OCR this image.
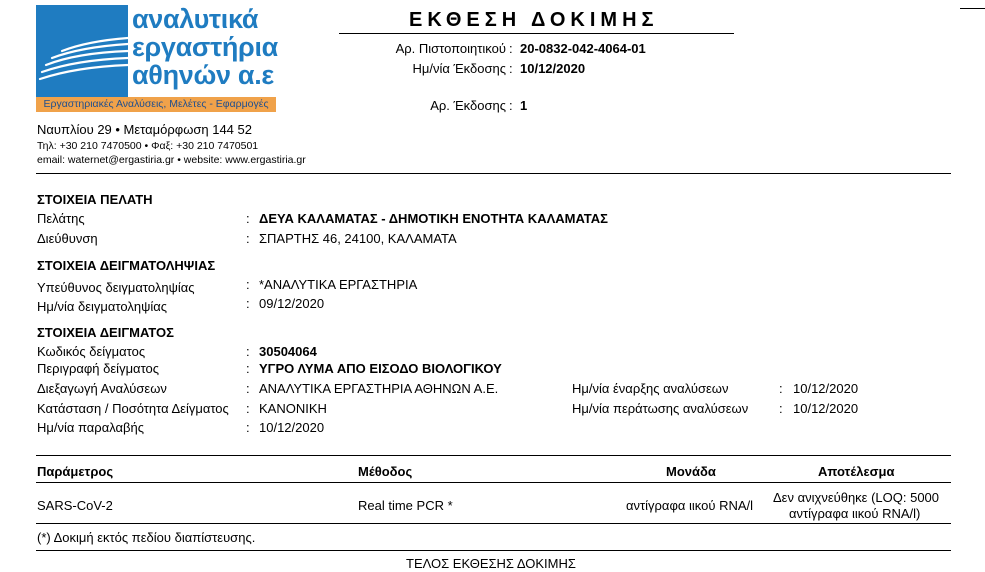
αναλυτικά
εργαστήρια
αθηνών α.ε
Εργαστηριακές Αναλύσεις, Μελέτες - Εφαρμογές
Ναυπλίου 29 • Μεταμόρφωση 144 52
Τηλ: +30 210 7470500 • Φαξ: +30 210 7470501
email: waternet@ergastiria.gr • website: www.ergastiria.gr
ΕΚΘΕΣΗ ΔΟΚΙΜΗΣ
Αρ. Πιστοποιητικού : 20-0832-042-4064-01
Ημ/νία Έκδοσης : 10/12/2020
Αρ. Έκδοσης : 1
ΣΤΟΙΧΕΙΑ ΠΕΛΑΤΗ
Πελάτης	: ΔΕΥΑ ΚΑΛΑΜΑΤΑΣ - ΔΗΜΟΤΙΚΗ ΕΝΟΤΗΤΑ ΚΑΛΑΜΑΤΑΣ
Διεύθυνση	: ΣΠΑΡΤΗΣ 46, 24100, ΚΑΛΑΜΑΤΑ
ΣΤΟΙΧΕΙΑ ΔΕΙΓΜΑΤΟΛΗΨΙΑΣ
Υπεύθυνος δειγματοληψίας	: *ΑΝΑΛΥΤΙΚΑ ΕΡΓΑΣΤΗΡΙΑ
Ημ/νία δειγματοληψίας	: 09/12/2020
ΣΤΟΙΧΕΙΑ ΔΕΙΓΜΑΤΟΣ
Κωδικός δείγματος	: 30504064
Περιγραφή δείγματος	: ΥΓΡΟ ΛΥΜΑ ΑΠΟ ΕΙΣΟΔΟ ΒΙΟΛΟΓΙΚΟΥ
Διεξαγωγή Αναλύσεων	: ΑΝΑΛΥΤΙΚΑ ΕΡΓΑΣΤΗΡΙΑ ΑΘΗΝΩΝ Α.Ε.
Κατάσταση / Ποσότητα Δείγματος : ΚΑΝΟΝΙΚΗ
Ημ/νία παραλαβής	: 10/12/2020
Ημ/νία έναρξης αναλύσεων	: 10/12/2020
Ημ/νία περάτωσης αναλύσεων : 10/12/2020
Παράμετρος	Μέθοδος	Μονάδα	Αποτέλεσμα
SARS-CoV-2	Real time PCR *	αντίγραφα ιικού RNA/l
Δεν ανιχνεύθηκε (LOQ: 5000
αντίγραφα ιικού RNA/l)
(*) Δοκιμή εκτός πεδίου διαπίστευσης.
ΤΕΛΟΣ ΕΚΘΕΣΗΣ ΔΟΚΙΜΗΣ
